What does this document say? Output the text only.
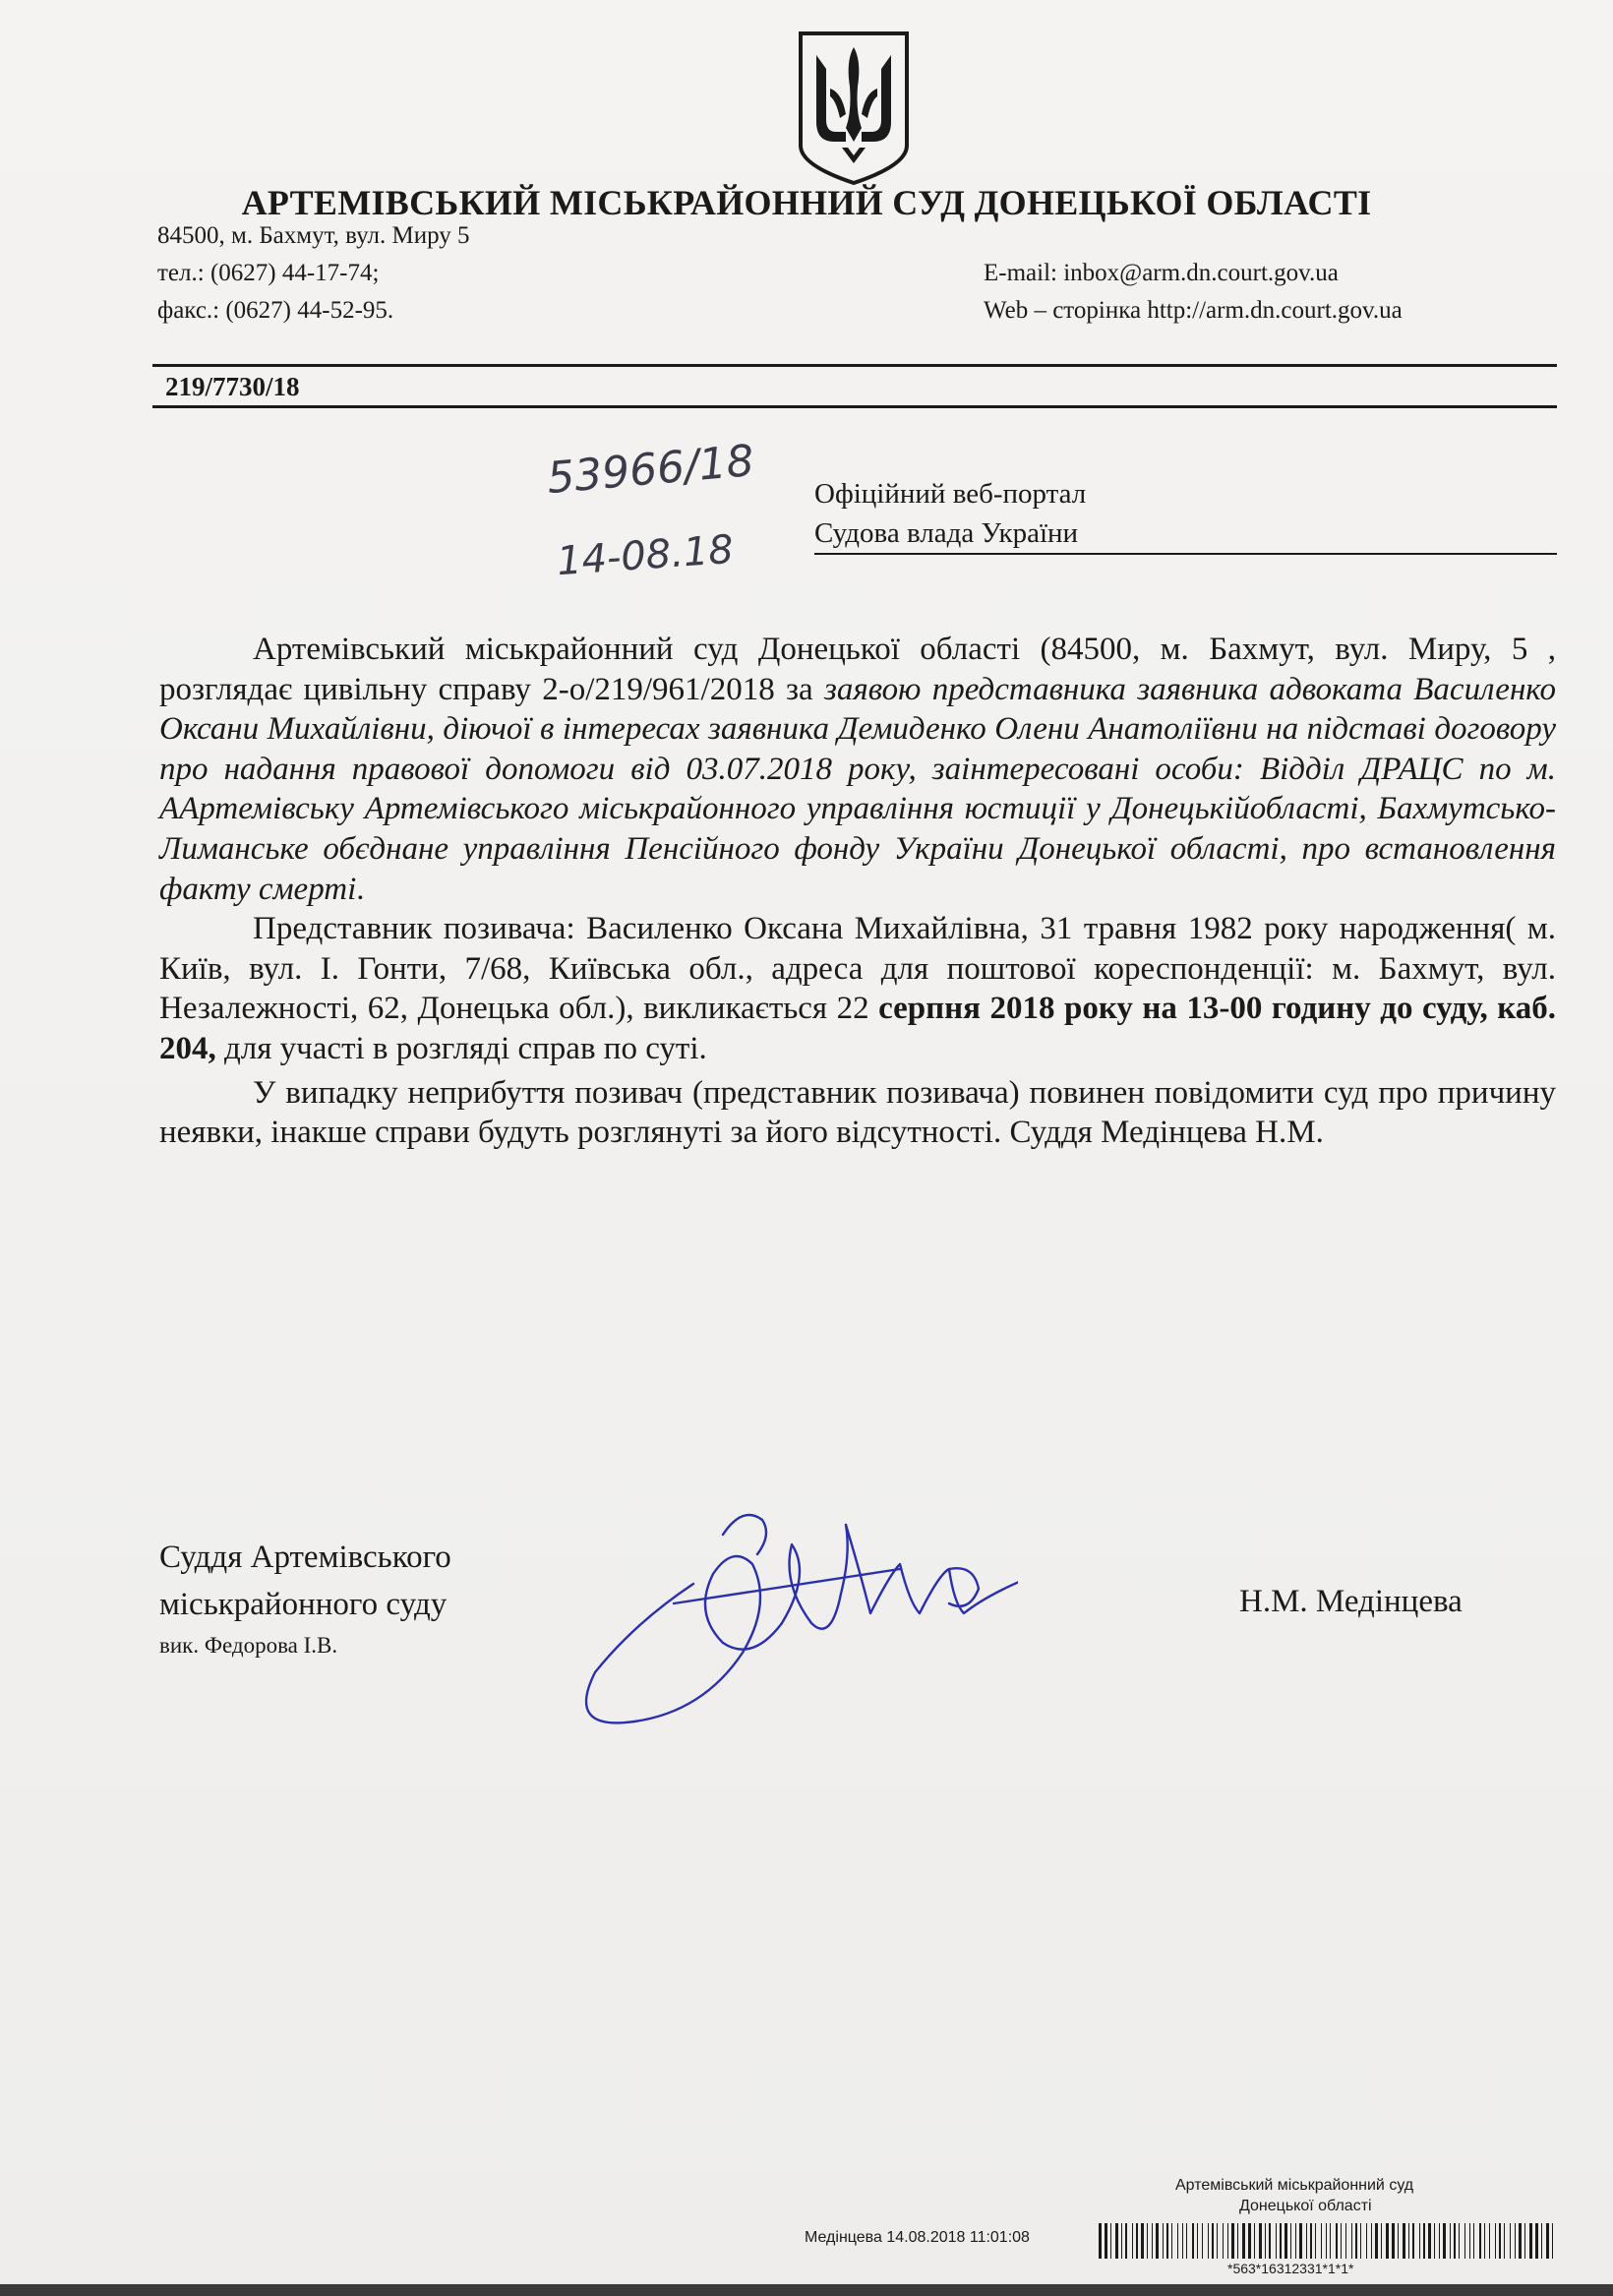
АРТЕМІВСЬКИЙ МІСЬКРАЙОННИЙ СУД ДОНЕЦЬКОЇ ОБЛАСТІ
84500, м. Бахмут, вул. Миру 5
тел.: (0627) 44-17-74;
факс.: (0627) 44-52-95.
E-mail: inbox@arm.dn.court.gov.ua
Web – сторінка http://arm.dn.court.gov.ua
219/7730/18
53966/18
14-08.18
Офіційний веб-портал
Судова влада України

Артемівський міськрайонний суд Донецької області (84500, м. Бахмут, вул. Миру, 5 , розглядає цивільну справу 2-о/219/961/2018 за заявою представника заявника адвоката Василенко Оксани Михайлівни, діючої в інтересах заявника Демиденко Олени Анатоліївни на підставі договору про надання правової допомоги від 03.07.2018 року, заінтересовані особи: Відділ ДРАЦС по м. ААртемівську Артемівського міськрайонного управління юстиції у Донецькійобласті, Бахмутсько-Лиманське обєднане управління Пенсійного фонду України Донецької області, про встановлення факту смерті.

Представник позивача: Василенко Оксана Михайлівна, 31 травня 1982 року народження( м. Київ, вул. І. Гонти, 7/68, Київська обл., адреса для поштової кореспонденції: м. Бахмут, вул. Незалежності, 62, Донецька обл.), викликається 22 серпня 2018 року на 13-00 годину до суду, каб. 204, для участі в розгляді справ по суті.

У випадку неприбуття позивач (представник позивача) повинен повідомити суд про причину неявки, інакше справи будуть розглянуті за його відсутності. Суддя Медінцева Н.М.

Суддя Артемівського
міськрайонного суду
вик. Федорова І.В.
Н.М. Медінцева
Артемівський міськрайонний суд
Донецької області
Медінцева 14.08.2018 11:01:08
*563*16312331*1*1*
